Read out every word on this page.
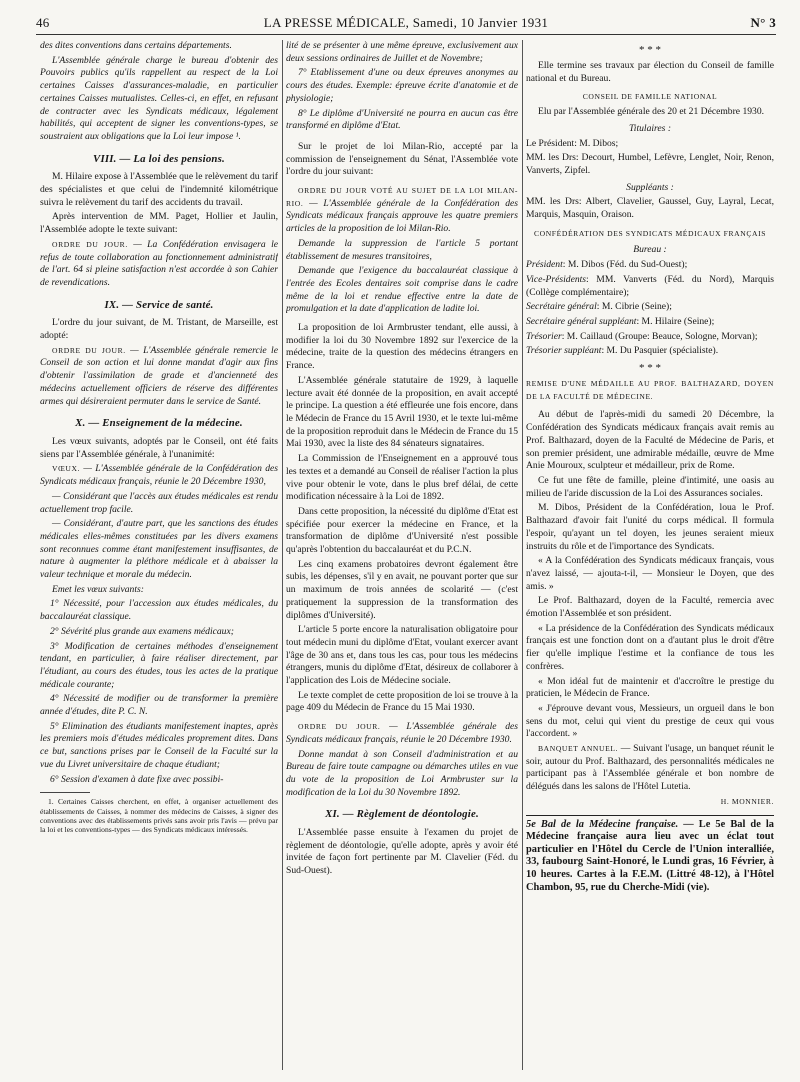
46	LA PRESSE MÉDICALE, Samedi, 10 Janvier 1931	N° 3

des dites conventions dans certains départements.

L'Assemblée générale charge le bureau d'obtenir des Pouvoirs publics qu'ils rappellent au respect de la Loi certaines Caisses d'assurances-maladie, en particulier certaines Caisses mutualistes. Celles-ci, en effet, en refusant de contracter avec les Syndicats médicaux, légalement habilités, qui acceptent de signer les conventions-types, se soustraient aux obligations que la Loi leur impose ¹.

VIII. — La loi des pensions.

M. Hilaire expose à l'Assemblée que le relèvement du tarif des spécialistes et que celui de l'indemnité kilométrique suivra le relèvement du tarif des accidents du travail.

Après intervention de MM. Paget, Hollier et Jaulin, l'Assemblée adopte le texte suivant:

ORDRE DU JOUR. — La Confédération envisagera le refus de toute collaboration au fonctionnement administratif de l'art. 64 si pleine satisfaction n'est accordée à son Cahier de revendications.

IX. — Service de santé.

L'ordre du jour suivant, de M. Tristant, de Marseille, est adopté:

ORDRE DU JOUR. — L'Assemblée générale remercie le Conseil de son action et lui donne mandat d'agir aux fins d'obtenir l'assimilation de grade et d'ancienneté des médecins actuellement officiers de réserve des différentes armes qui désireraient permuter dans le service de Santé.

X. — Enseignement de la médecine.

Les vœux suivants, adoptés par le Conseil, ont été faits siens par l'Assemblée générale, à l'unanimité:

VŒUX. — L'Assemblée générale de la Confédération des Syndicats médicaux français, réunie le 20 Décembre 1930,

— Considérant que l'accès aux études médicales est rendu actuellement trop facile.

— Considérant, d'autre part, que les sanctions des études médicales elles-mêmes constituées par les divers examens sont reconnues comme étant manifestement insuffisantes, de nature à augmenter la pléthore médicale et à abaisser la valeur technique et morale du médecin.

Emet les vœux suivants:

1° Nécessité, pour l'accession aux études médicales, du baccalauréat classique.

2° Sévérité plus grande aux examens médicaux;

3° Modification de certaines méthodes d'enseignement tendant, en particulier, à faire réaliser directement, par l'étudiant, au cours des études, tous les actes de la pratique médicale courante;

4° Nécessité de modifier ou de transformer la première année d'études, dite P. C. N.

5° Elimination des étudiants manifestement inaptes, après les premiers mois d'études médicales proprement dites. Dans ce but, sanctions prises par le Conseil de la Faculté sur la vue du Livret universitaire de chaque étudiant;

6° Session d'examen à date fixe avec possibi-

1. Certaines Caisses cherchent, en effet, à organiser actuellement des établissements de Caisses, à nommer des médecins de Caisses, à signer des conventions avec des établissements privés sans avoir pris l'avis — prévu par la loi et les conventions-types — des Syndicats médicaux intéressés.

lité de se présenter à une même épreuve, exclusivement aux deux sessions ordinaires de Juillet et de Novembre;

7° Etablissement d'une ou deux épreuves anonymes au cours des études. Exemple: épreuve écrite d'anatomie et de physiologie;

8° Le diplôme d'Université ne pourra en aucun cas être transformé en diplôme d'Etat.

Sur le projet de loi Milan-Rio, accepté par la commission de l'enseignement du Sénat, l'Assemblée vote l'ordre du jour suivant:

ORDRE DU JOUR VOTÉ AU SUJET DE LA LOI MILAN-RIO. — L'Assemblée générale de la Confédération des Syndicats médicaux français approuve les quatre premiers articles de la proposition de loi Milan-Rio.

Demande la suppression de l'article 5 portant établissement de mesures transitoires,

Demande que l'exigence du baccalauréat classique à l'entrée des Ecoles dentaires soit comprise dans le cadre même de la loi et rendue effective entre la date de promulgation et la date d'application de ladite loi.

La proposition de loi Armbruster tendant, elle aussi, à modifier la loi du 30 Novembre 1892 sur l'exercice de la médecine, traite de la question des médecins étrangers en France.

L'Assemblée générale statutaire de 1929, à laquelle lecture avait été donnée de la proposition, en avait accepté le principe. La question a été effleurée une fois encore, dans le Médecin de France du 15 Avril 1930, et le texte lui-même de la proposition reproduit dans le Médecin de France du 15 Mai 1930, avec la liste des 84 sénateurs signataires.

La Commission de l'Enseignement en a approuvé tous les textes et a demandé au Conseil de réaliser l'action la plus vive pour obtenir le vote, dans le plus bref délai, de cette modification nécessaire à la Loi de 1892.

Dans cette proposition, la nécessité du diplôme d'Etat est spécifiée pour exercer la médecine en France, et la transformation de diplôme d'Université n'est possible qu'après l'obtention du baccalauréat et du P.C.N.

Les cinq examens probatoires devront également être subis, les dépenses, s'il y en avait, ne pouvant porter que sur un maximum de trois années de scolarité — (c'est pratiquement la suppression de la transformation des diplômes d'Université).

L'article 5 porte encore la naturalisation obligatoire pour tout médecin muni du diplôme d'Etat, voulant exercer avant l'âge de 30 ans et, dans tous les cas, pour tous les médecins étrangers, munis du diplôme d'Etat, désireux de collaborer à l'application des Lois de Médecine sociale.

Le texte complet de cette proposition de loi se trouve à la page 409 du Médecin de France du 15 Mai 1930.

ORDRE DU JOUR. — L'Assemblée générale des Syndicats médicaux français, réunie le 20 Décembre 1930.

Donne mandat à son Conseil d'administration et au Bureau de faire toute campagne ou démarches utiles en vue du vote de la proposition de Loi Armbruster sur la modification de la Loi du 30 Novembre 1892.

XI. — Règlement de déontologie.

L'Assemblée passe ensuite à l'examen du projet de règlement de déontologie, qu'elle adopte, après y avoir été invitée de façon fort pertinente par M. Clavelier (Féd. du Sud-Ouest).

* * *

Elle termine ses travaux par élection du Conseil de famille national et du Bureau.

CONSEIL DE FAMILLE NATIONAL

Elu par l'Assemblée générale des 20 et 21 Décembre 1930.

Titulaires :

Le Président: M. Dibos;

MM. les Drs: Decourt, Humbel, Lefèvre, Lenglet, Noir, Renon, Vanverts, Zipfel.

Suppléants :

MM. les Drs: Albert, Clavelier, Gaussel, Guy, Layral, Lecat, Marquis, Masquin, Oraison.

CONFÉDÉRATION DES SYNDICATS MÉDICAUX FRANÇAIS

Bureau :

Président: M. Dibos (Féd. du Sud-Ouest);

Vice-Présidents: MM. Vanverts (Féd. du Nord), Marquis (Collège complémentaire);

Secrétaire général: M. Cibrie (Seine);

Secrétaire général suppléant: M. Hilaire (Seine);

Trésorier: M. Caillaud (Groupe: Beauce, Sologne, Morvan);

Trésorier suppléant: M. Du Pasquier (spécialiste).

* * *

REMISE D'UNE MÉDAILLE AU PROF. BALTHAZARD, DOYEN DE LA FACULTÉ DE MÉDECINE.

Au début de l'après-midi du samedi 20 Décembre, la Confédération des Syndicats médicaux français avait remis au Prof. Balthazard, doyen de la Faculté de Médecine de Paris, et son premier président, une admirable médaille, œuvre de Mme Anie Mouroux, sculpteur et médailleur, prix de Rome.

Ce fut une fête de famille, pleine d'intimité, une oasis au milieu de l'aride discussion de la Loi des Assurances sociales.

M. Dibos, Président de la Confédération, loua le Prof. Balthazard d'avoir fait l'unité du corps médical. Il formula l'espoir, qu'ayant un tel doyen, les jeunes seraient mieux instruits du rôle et de l'importance des Syndicats.

« A la Confédération des Syndicats médicaux français, vous n'avez laissé, — ajouta-t-il, — Monsieur le Doyen, que des amis. »

Le Prof. Balthazard, doyen de la Faculté, remercia avec émotion l'Assemblée et son président.

« La présidence de la Confédération des Syndicats médicaux français est une fonction dont on a d'autant plus le droit d'être fier qu'elle implique l'estime et la confiance de tous les confrères.

« Mon idéal fut de maintenir et d'accroître le prestige du praticien, le Médecin de France.

« J'éprouve devant vous, Messieurs, un orgueil dans le bon sens du mot, celui qui vient du prestige de ceux qui vous l'accordent. »

BANQUET ANNUEL. — Suivant l'usage, un banquet réunit le soir, autour du Prof. Balthazard, des personnalités médicales ne participant pas à l'Assemblée générale et bon nombre de délégués dans les salons de l'Hôtel Lutetia.

H. MONNIER.

5e Bal de la Médecine française. — Le 5e Bal de la Médecine française aura lieu avec un éclat tout particulier en l'Hôtel du Cercle de l'Union interalliée, 33, faubourg Saint-Honoré, le Lundi gras, 16 Février, à 10 heures. Cartes à la F.E.M. (Littré 48-12), à l'Hôtel Chambon, 95, rue du Cherche-Midi (vie).
